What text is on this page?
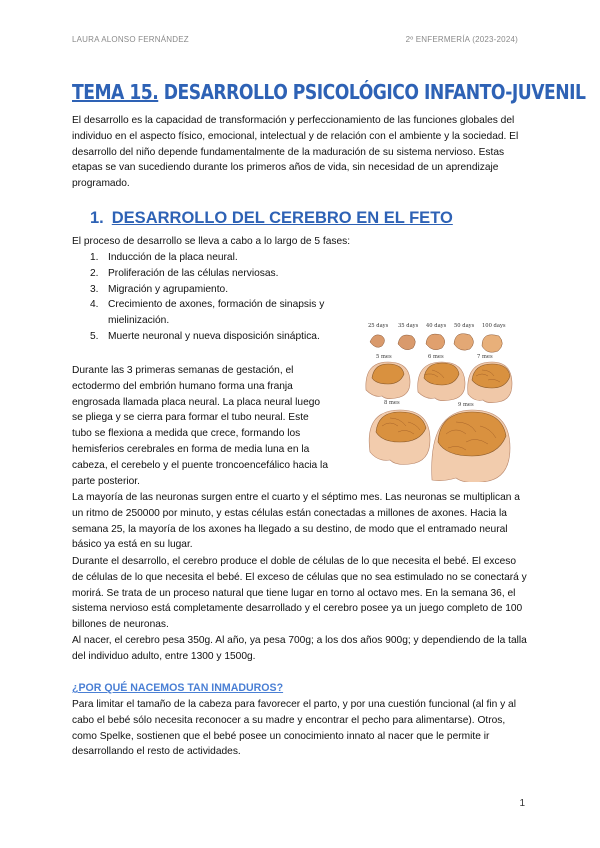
LAURA ALONSO FERNÁNDEZ	2º ENFERMERÍA (2023-2024)
TEMA 15. DESARROLLO PSICOLÓGICO INFANTO-JUVENIL

El desarrollo es la capacidad de transformación y perfeccionamiento de las funciones globales del individuo en el aspecto físico, emocional, intelectual y de relación con el ambiente y la sociedad. El desarrollo del niño depende fundamentalmente de la maduración de su sistema nervioso. Estas etapas se van sucediendo durante los primeros años de vida, sin necesidad de un aprendizaje programado.

1. DESARROLLO DEL CEREBRO EN EL FETO

El proceso de desarrollo se lleva a cabo a lo largo de 5 fases:

1. Inducción de la placa neural.
2. Proliferación de las células nerviosas.
3. Migración y agrupamiento.
4. Crecimiento de axones, formación de sinapsis y mielinización.
5. Muerte neuronal y nueva disposición sináptica.
25 days 35 days 40 days 50 days 100 days
5 mes	6 mes	7 mes
8 mes	9 mes

Durante las 3 primeras semanas de gestación, el ectodermo del embrión humano forma una franja engrosada llamada placa neural. La placa neural luego se pliega y se cierra para formar el tubo neural. Este tubo se flexiona a medida que crece, formando los hemisferios cerebrales en forma de media luna en la cabeza, el cerebelo y el puente troncoencefálico hacia la parte posterior.

La mayoría de las neuronas surgen entre el cuarto y el séptimo mes. Las neuronas se multiplican a un ritmo de 250000 por minuto, y estas células están conectadas a millones de axones. Hacia la semana 25, la mayoría de los axones ha llegado a su destino, de modo que el entramado neural básico ya está en su lugar.

Durante el desarrollo, el cerebro produce el doble de células de lo que necesita el bebé. El exceso de células de lo que necesita el bebé. El exceso de células que no sea estimulado no se conectará y morirá. Se trata de un proceso natural que tiene lugar en torno al octavo mes. En la semana 36, el sistema nervioso está completamente desarrollado y el cerebro posee ya un juego completo de 100 billones de neuronas.

Al nacer, el cerebro pesa 350g. Al año, ya pesa 700g; a los dos años 900g; y dependiendo de la talla del individuo adulto, entre 1300 y 1500g.

¿POR QUÉ NACEMOS TAN INMADUROS?

Para limitar el tamaño de la cabeza para favorecer el parto, y por una cuestión funcional (al fin y al cabo el bebé sólo necesita reconocer a su madre y encontrar el pecho para alimentarse). Otros, como Spelke, sostienen que el bebé posee un conocimiento innato al nacer que le permite ir desarrollando el resto de actividades.

1
